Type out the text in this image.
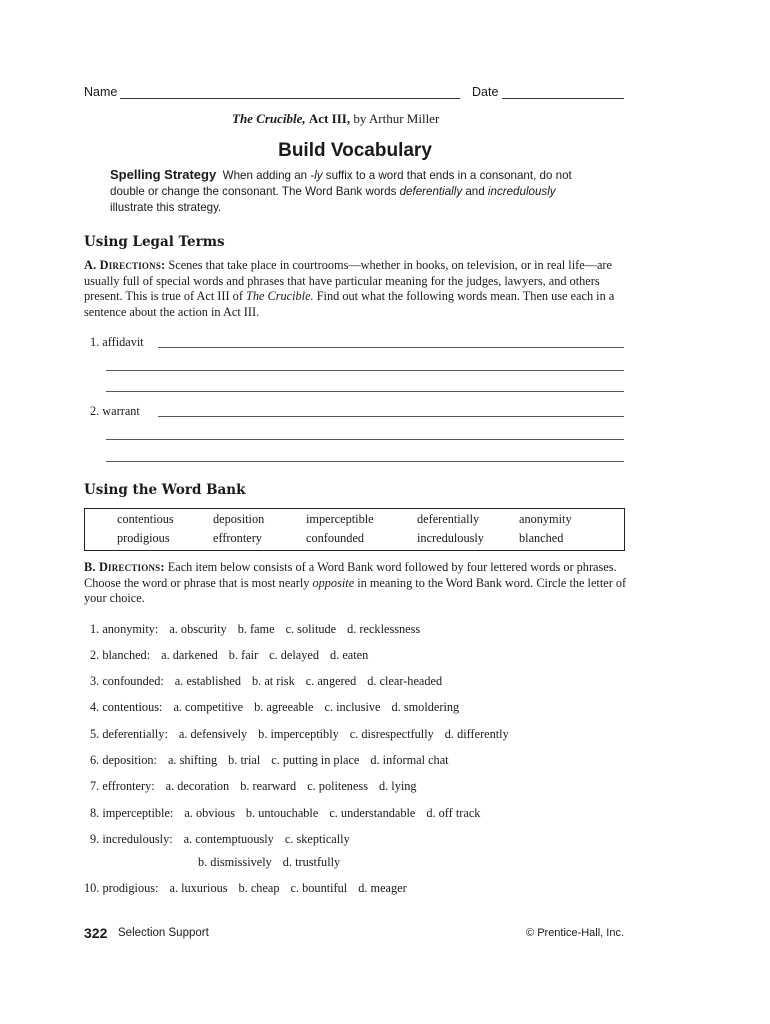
Name	Date
The Crucible, Act III, by Arthur Miller
Build Vocabulary
Spelling Strategy When adding an -ly suffix to a word that ends in a consonant, do not double or change the consonant. The Word Bank words deferentially and incredulously illustrate this strategy.
Using Legal Terms
A. Directions: Scenes that take place in courtrooms—whether in books, on television, or in real life—are usually full of special words and phrases that have particular meaning for the judges, lawyers, and others present. This is true of Act III of The Crucible. Find out what the following words mean. Then use each in a sentence about the action in Act III.
1. affidavit
2. warrant
Using the Word Bank
contentious	deposition	imperceptible	deferentially	anonymity
prodigious	effrontery	confounded	incredulously	blanched
B. Directions: Each item below consists of a Word Bank word followed by four lettered words or phrases. Choose the word or phrase that is most nearly opposite in meaning to the Word Bank word. Circle the letter of your choice.
1. anonymity: a. obscurity b. fame c. solitude d. recklessness
2. blanched: a. darkened b. fair c. delayed d. eaten
3. confounded: a. established b. at risk c. angered d. clear-headed
4. contentious: a. competitive b. agreeable c. inclusive d. smoldering
5. deferentially: a. defensively b. imperceptibly c. disrespectfully d. differently
6. deposition: a. shifting b. trial c. putting in place d. informal chat
7. effrontery: a. decoration b. rearward c. politeness d. lying
8. imperceptible: a. obvious b. untouchable c. understandable d. off track
9. incredulously: a. contemptuously c. skeptically
b. dismissively d. trustfully
10. prodigious: a. luxurious b. cheap c. bountiful d. meager
322 Selection Support	© Prentice-Hall, Inc.
